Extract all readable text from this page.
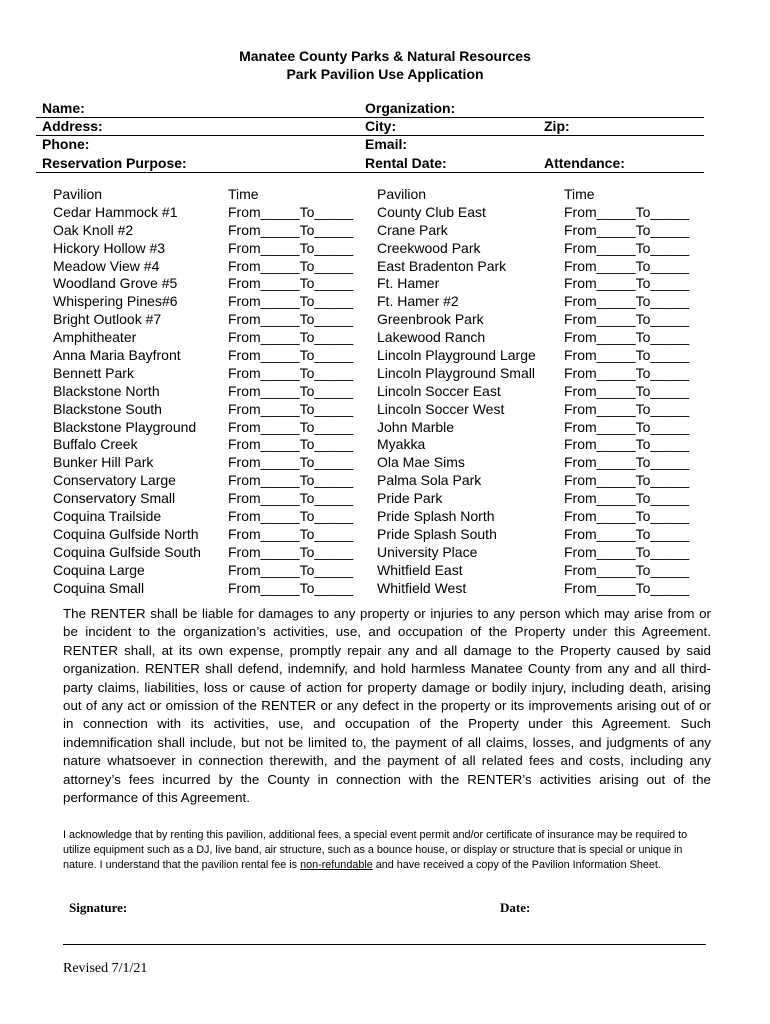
Manatee County Parks & Natural Resources
Park Pavilion Use Application
Name:	Organization:
Address:	City:	Zip:
Phone:	Email:
Reservation Purpose:	Rental Date:	Attendance:
Pavilion	Time
Cedar Hammock #1	From_____To_____
Oak Knoll #2	From_____To_____
Hickory Hollow #3	From_____To_____
Meadow View #4	From_____To_____
Woodland Grove #5	From_____To_____
Whispering Pines#6	From_____To_____
Bright Outlook #7	From_____To_____
Amphitheater	From_____To_____
Anna Maria Bayfront	From_____To_____
Bennett Park	From_____To_____
Blackstone North	From_____To_____
Blackstone South	From_____To_____
Blackstone Playground From_____To_____
Buffalo Creek	From_____To_____
Bunker Hill Park	From_____To_____
Conservatory Large	From_____To_____
Conservatory Small	From_____To_____
Coquina Trailside	From_____To_____
Coquina Gulfside North From_____To_____
Coquina Gulfside South From_____To_____
Coquina Large	From_____To_____
Coquina Small	From_____To_____
Pavilion	Time
County Club East	From_____To_____
Crane Park	From_____To_____
Creekwood Park	From_____To_____
East Bradenton Park	From_____To_____
Ft. Hamer	From_____To_____
Ft. Hamer #2	From_____To_____
Greenbrook Park	From_____To_____
Lakewood Ranch	From_____To_____
Lincoln Playground Large From_____To_____
Lincoln Playground Small From_____To_____
Lincoln Soccer East	From_____To_____
Lincoln Soccer West	From_____To_____
John Marble	From_____To_____
Myakka	From_____To_____
Ola Mae Sims	From_____To_____
Palma Sola Park	From_____To_____
Pride Park	From_____To_____
Pride Splash North	From_____To_____
Pride Splash South	From_____To_____
University Place	From_____To_____
Whitfield East	From_____To_____
Whitfield West	From_____To_____
The RENTER shall be liable for damages to any property or injuries to any person which may arise from or be incident to the organization’s activities, use, and occupation of the Property under this Agreement. RENTER shall, at its own expense, promptly repair any and all damage to the Property caused by said organization. RENTER shall defend, indemnify, and hold harmless Manatee County from any and all third-party claims, liabilities, loss or cause of action for property damage or bodily injury, including death, arising out of any act or omission of the RENTER or any defect in the property or its improvements arising out of or in connection with its activities, use, and occupation of the Property under this Agreement. Such indemnification shall include, but not be limited to, the payment of all claims, losses, and judgments of any nature whatsoever in connection therewith, and the payment of all related fees and costs, including any attorney’s fees incurred by the County in connection with the RENTER’s activities arising out of the performance of this Agreement.
I acknowledge that by renting this pavilion, additional fees, a special event permit and/or certificate of insurance may be required to utilize equipment such as a DJ, live band, air structure, such as a bounce house, or display or structure that is special or unique in nature. I understand that the pavilion rental fee is non-refundable and have received a copy of the Pavilion Information Sheet.
Signature:	Date:
Revised 7/1/21
